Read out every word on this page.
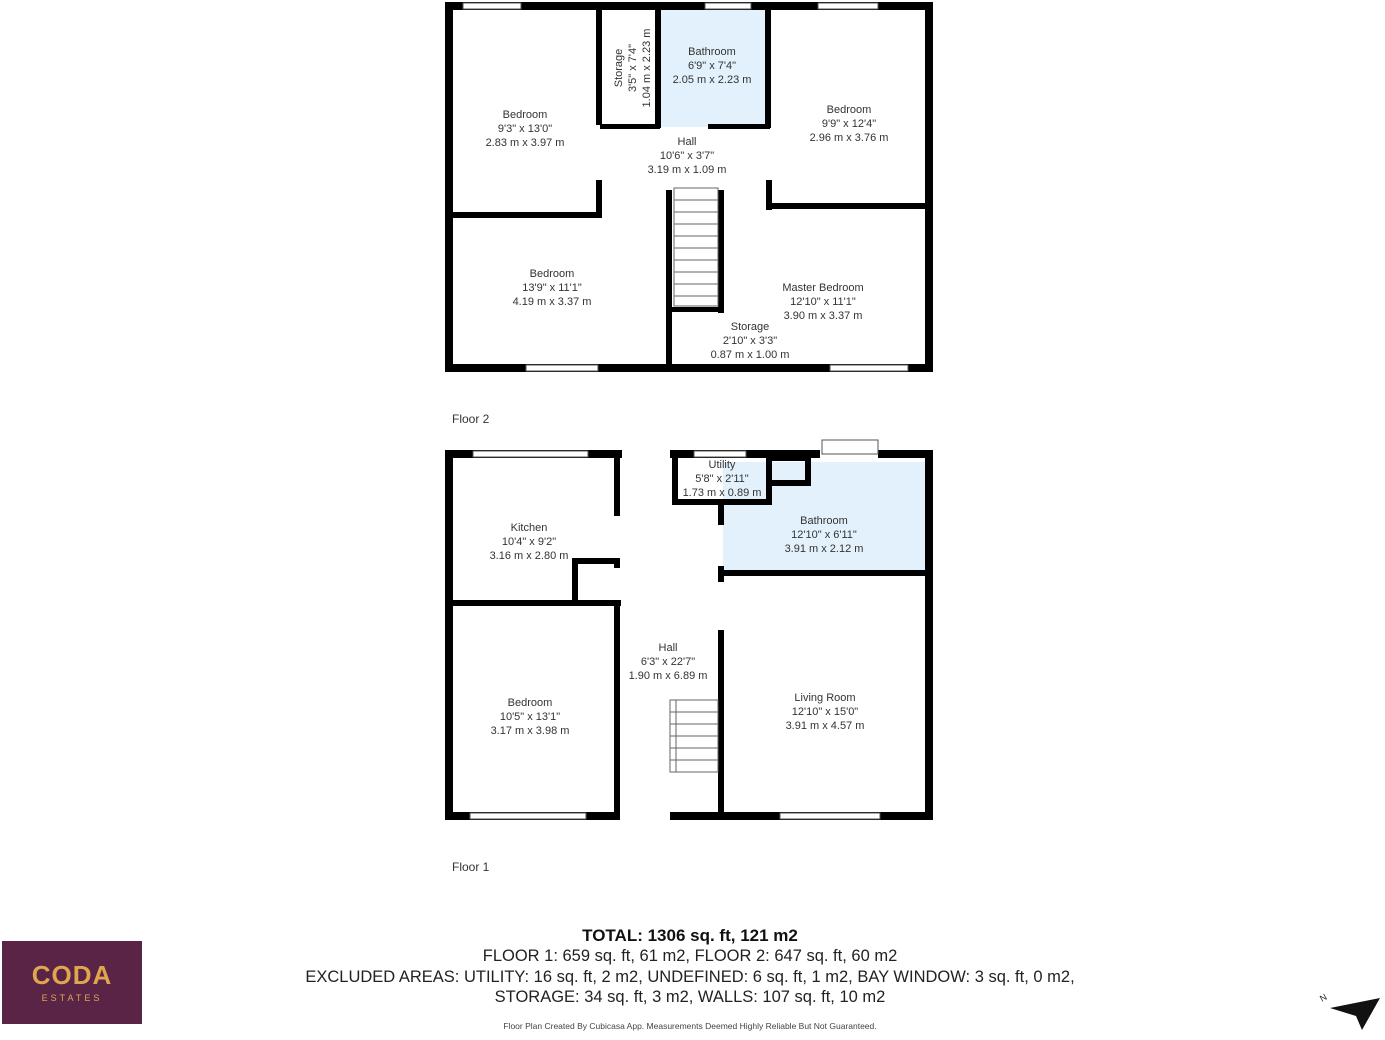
Bedroom 9'3" x 13'0" 2.83 m x 3.97 m
Storage 3'5" x 7'4" 1.04 m x 2.23 m	Bathroom 6'9" x 7'4" 2.05 m x 2.23 m
Bedroom 9'9" x 12'4" 2.96 m x 3.76 m
Hall 10'6" x 3'7" 3.19 m x 1.09 m
Bedroom 13'9" x 11'1" 4.19 m x 3.37 m
Master Bedroom 12'10" x 11'1" 3.90 m x 3.37 m
Storage 2'10" x 3'3" 0.87 m x 1.00 m
Utility 5'8" x 2'11" 1.73 m x 0.89 m
Kitchen 10'4" x 9'2" 3.16 m x 2.80 m
Bathroom 12'10" x 6'11" 3.91 m x 2.12 m
Hall 6'3" x 22'7" 1.90 m x 6.89 m
Bedroom 10'5" x 13'1" 3.17 m x 3.98 m
Living Room 12'10" x 15'0" 3.91 m x 4.57 m
Floor 2
Floor 1
TOTAL: 1306 sq. ft, 121 m2
FLOOR 1: 659 sq. ft, 61 m2, FLOOR 2: 647 sq. ft, 60 m2
EXCLUDED AREAS: UTILITY: 16 sq. ft, 2 m2, UNDEFINED: 6 sq. ft, 1 m2, BAY WINDOW: 3 sq. ft, 0 m2,
STORAGE: 34 sq. ft, 3 m2, WALLS: 107 sq. ft, 10 m2
Floor Plan Created By Cubicasa App. Measurements Deemed Highly Reliable But Not Guaranteed.
CODA
ESTATES	N
